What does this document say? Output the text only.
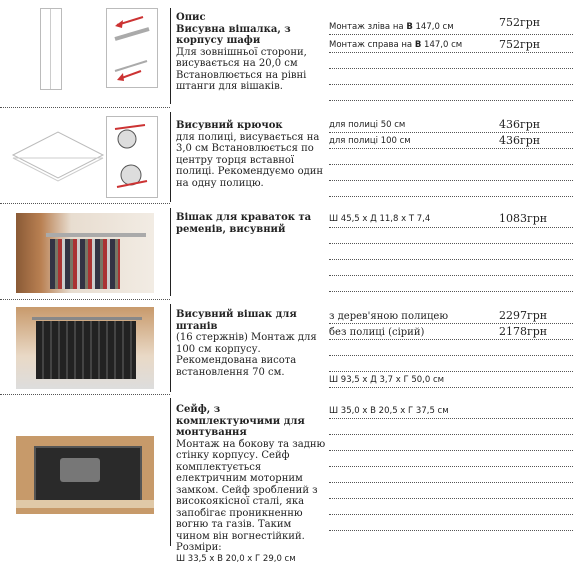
Опис
Висувна вішалка, з корпусу шафи
Для зовнішньої сторони, висувається на 20,0 см Встановлюється на рівні штанги для вішаків.
Монтаж зліва на В 147,0 см	752грн
Монтаж справа на В 147,0 см	752грн
Висувний крючок
для полиці, висувається на 3,0 см Встановлюється по центру торця вставної полиці. Рекомендуємо один на одну полицю.
для полиці 50 см	436грн
для полиці 100 см	436грн
Вішак для краваток та ременів, висувний
Ш 45,5 х Д 11,8 х Т 7,4	1083грн
Висувний вішак для штанів
(16 стержнів) Монтаж для 100 см корпусу. Рекомендована висота встановлення 70 см.
з дерев'яною полицею	2297грн
без полиці (сірий)	2178грн
Ш 93,5 х Д 3,7 х Г 50,0 см
Сейф, з комплектуючими для монтування
Монтаж на бокову та задню стінку корпусу. Сейф комплектується електричним моторним замком. Сейф зроблений з високоякісної сталі, яка запобігає проникненню вогню та газів. Таким чином він вогнестійкий.
Розміри:
Ш 33,5 х В 20,0 х Г 29,0 см
Ш 35,0 х В 20,5 х Г 37,5 см
